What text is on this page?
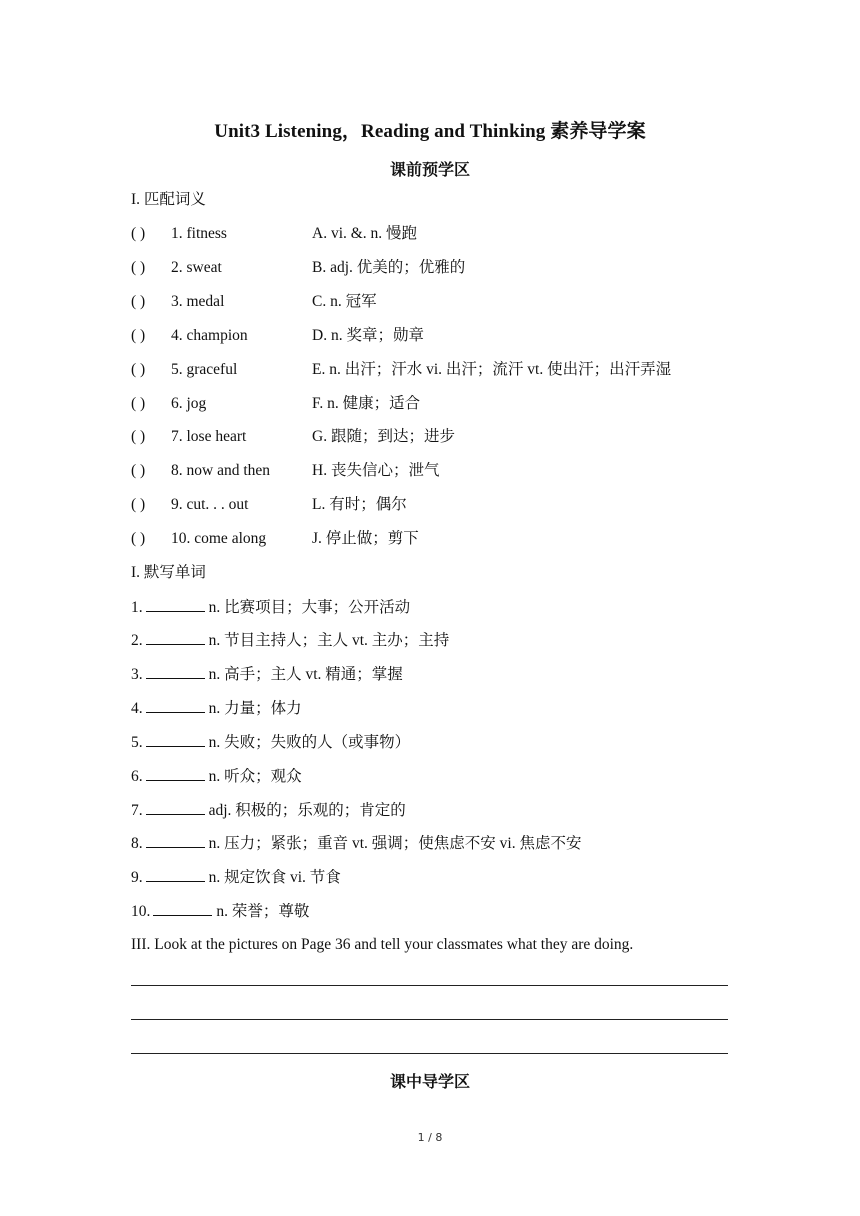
Unit3 Listening，Reading and Thinking 素养导学案
课前预学区
I. 匹配词义
( ) 1. fitness	A. vi. &. n. 慢跑
( ) 2. sweat	B. adj. 优美的；优雅的
( ) 3. medal	C. n. 冠军
( ) 4. champion	D. n. 奖章；勋章
( ) 5. graceful	E. n. 出汗；汗水 vi. 出汗；流汗 vt. 使出汗；出汗弄湿
( ) 6. jog	F. n. 健康；适合
( ) 7. lose heart	G. 跟随；到达；进步
( ) 8. now and then	H. 丧失信心；泄气
( ) 9. cut. . . out	L. 有时；偶尔
( ) 10. come along	J. 停止做；剪下
I. 默写单词
1.	n. 比赛项目；大事；公开活动
2.	n. 节目主持人；主人 vt. 主办；主持
3.	n. 高手；主人 vt. 精通；掌握
4.	n. 力量；体力
5.	n. 失败；失败的人（或事物）
6.	n. 听众；观众
7.	adj. 积极的；乐观的；肯定的
8.	n. 压力；紧张；重音 vt. 强调；使焦虑不安 vi. 焦虑不安
9.	n. 规定饮食 vi. 节食
10.	n. 荣誉；尊敬
III. Look at the pictures on Page 36 and tell your classmates what they are doing.
课中导学区
1 / 8
